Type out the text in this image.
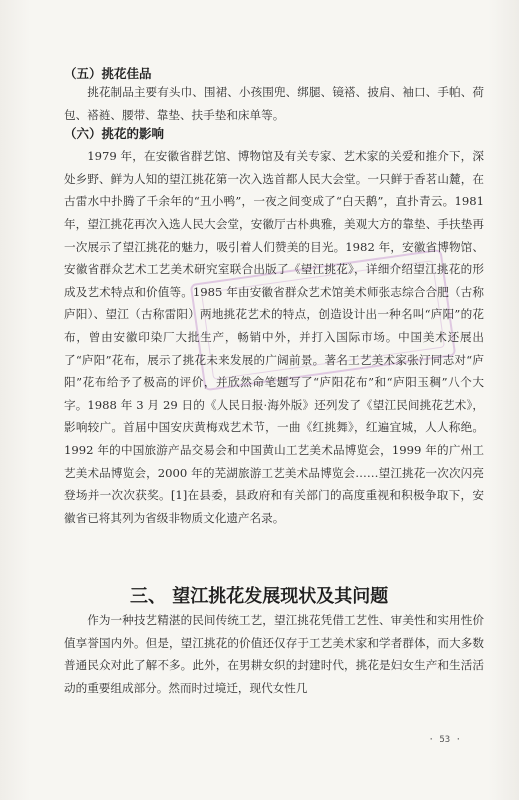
（五）挑花佳品

挑花制品主要有头巾、围裙、小孩围兜、绑腿、镜褡、披肩、袖口、手帕、荷包、褡裢、腰带、靠垫、扶手垫和床单等。

（六）挑花的影响

1979 年，在安徽省群艺馆、博物馆及有关专家、艺术家的关爱和推介下，深处乡野、鲜为人知的望江挑花第一次入选首都人民大会堂。一只鲜于香茗山麓，在古雷水中扑腾了千余年的“丑小鸭”，一夜之间变成了“白天鹅”，直扑青云。1981 年，望江挑花再次入选人民大会堂，安徽厅古朴典雅，美观大方的靠垫、手扶垫再一次展示了望江挑花的魅力，吸引着人们赞美的目光。1982 年，安徽省博物馆、安徽省群众艺术工艺美术研究室联合出版了《望江挑花》，详细介绍望江挑花的形成及艺术特点和价值等。1985 年由安徽省群众艺术馆美术师张志综合合肥（古称庐阳）、望江（古称雷阳）两地挑花艺术的特点，创造设计出一种名叫“庐阳”的花布，曾由安徽印染厂大批生产，畅销中外，并打入国际市场。中国美术还展出了“庐阳”花布，展示了挑花未来发展的广阔前景。著名工艺美术家张汀同志对“庐阳”花布给予了极高的评价，并欣然命笔题写了“庐阳花布”和“庐阳玉稠”八个大字。1988 年 3 月 29 日的《人民日报·海外版》还列发了《望江民间挑花艺术》，影响较广。首届中国安庆黄梅戏艺术节，一曲《红挑舞》，红遍宜城，人人称绝。1992 年的中国旅游产品交易会和中国黄山工艺美术品博览会，1999 年的广州工艺美术品博览会，2000 年的芜湖旅游工艺美术品博览会……望江挑花一次次闪亮登场并一次次获奖。[1]在县委，县政府和有关部门的高度重视和积极争取下，安徽省已将其列为省级非物质文化遗产名录。

三、 望江挑花发展现状及其问题

作为一种技艺精湛的民间传统工艺，望江挑花凭借工艺性、审美性和实用性价值享誉国内外。但是，望江挑花的价值还仅存于工艺美术家和学者群体，而大多数普通民众对此了解不多。此外，在男耕女织的封建时代，挑花是妇女生产和生活活动的重要组成部分。然而时过境迁，现代女性几

· 53 ·
